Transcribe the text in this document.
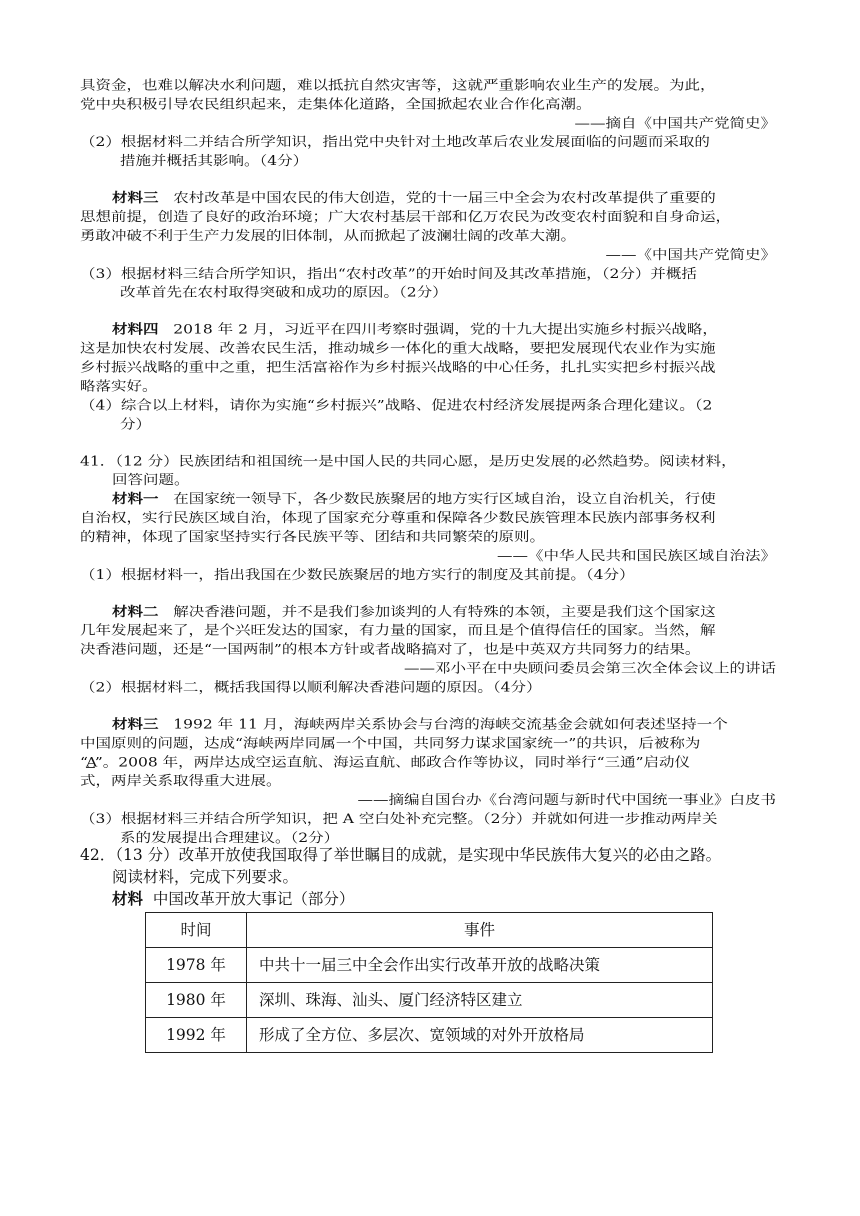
具资金，也难以解决水利问题，难以抵抗自然灾害等，这就严重影响农业生产的发展。为此，
党中央积极引导农民组织起来，走集体化道路，全国掀起农业合作化高潮。
——摘自《中国共产党简史》
（2）根据材料二并结合所学知识，指出党中央针对土地改革后农业发展面临的问题而采取的
措施并概括其影响。（4分）
材料三 农村改革是中国农民的伟大创造，党的十一届三中全会为农村改革提供了重要的
思想前提，创造了良好的政治环境；广大农村基层干部和亿万农民为改变农村面貌和自身命运，
勇敢冲破不利于生产力发展的旧体制，从而掀起了波澜壮阔的改革大潮。
——《中国共产党简史》
（3）根据材料三结合所学知识，指出“农村改革”的开始时间及其改革措施，（2分）并概括
改革首先在农村取得突破和成功的原因。（2分）
材料四 2018 年 2 月，习近平在四川考察时强调，党的十九大提出实施乡村振兴战略，
这是加快农村发展、改善农民生活，推动城乡一体化的重大战略，要把发展现代农业作为实施
乡村振兴战略的重中之重，把生活富裕作为乡村振兴战略的中心任务，扎扎实实把乡村振兴战
略落实好。
（4）综合以上材料，请你为实施“乡村振兴”战略、促进农村经济发展提两条合理化建议。（2
分）
41．（12 分）民族团结和祖国统一是中国人民的共同心愿，是历史发展的必然趋势。阅读材料，
回答问题。
材料一 在国家统一领导下，各少数民族聚居的地方实行区域自治，设立自治机关，行使
自治权，实行民族区域自治，体现了国家充分尊重和保障各少数民族管理本民族内部事务权利
的精神，体现了国家坚持实行各民族平等、团结和共同繁荣的原则。
——《中华人民共和国民族区域自治法》
（1）根据材料一，指出我国在少数民族聚居的地方实行的制度及其前提。（4分）
材料二 解决香港问题，并不是我们参加谈判的人有特殊的本领，主要是我们这个国家这
几年发展起来了，是个兴旺发达的国家，有力量的国家，而且是个值得信任的国家。当然，解
决香港问题，还是“一国两制”的根本方针或者战略搞对了，也是中英双方共同努力的结果。
——邓小平在中央顾问委员会第三次全体会议上的讲话
（2）根据材料二，概括我国得以顺利解决香港问题的原因。（4分）
材料三 1992 年 11 月，海峡两岸关系协会与台湾的海峡交流基金会就如何表述坚持一个
中国原则的问题，达成“海峡两岸同属一个中国，共同努力谋求国家统一”的共识，后被称为
“A”。2008 年，两岸达成空运直航、海运直航、邮政合作等协议，同时举行“三通”启动仪
式，两岸关系取得重大进展。
——摘编自国台办《台湾问题与新时代中国统一事业》白皮书
（3）根据材料三并结合所学知识，把 A 空白处补充完整。（2分）并就如何进一步推动两岸关
系的发展提出合理建议。（2分）
42．（13 分）改革开放使我国取得了举世瞩目的成就，是实现中华民族伟大复兴的必由之路。
阅读材料，完成下列要求。
材料  中国改革开放大事记（部分）
时间	事件
1978 年	中共十一届三中全会作出实行改革开放的战略决策
1980 年	深圳、珠海、汕头、厦门经济特区建立
1992 年	形成了全方位、多层次、宽领域的对外开放格局
